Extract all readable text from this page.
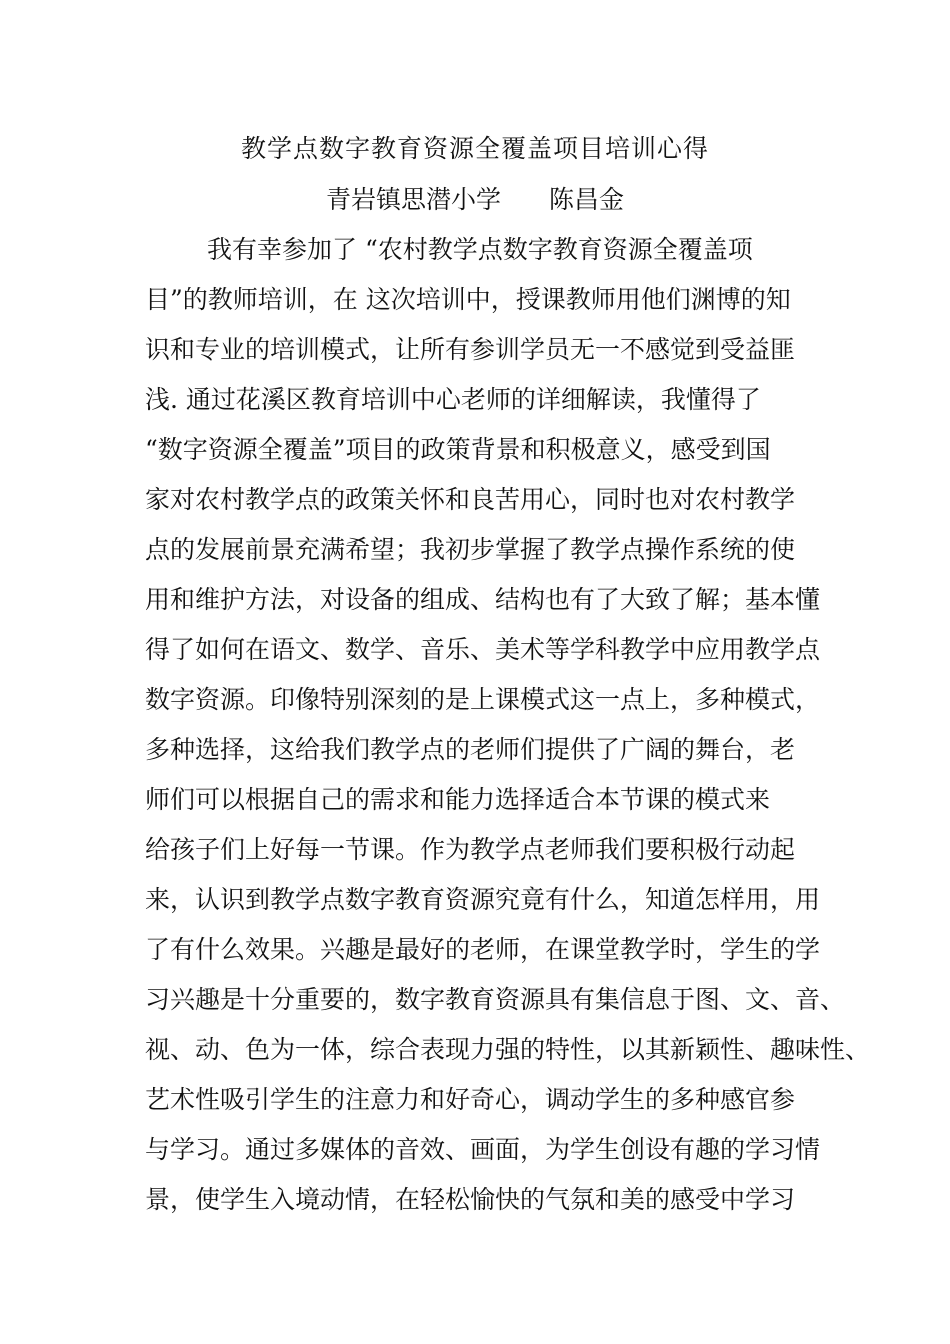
教学点数字教育资源全覆盖项目培训心得
青岩镇思潜小学 陈昌金
我有幸参加了 “农村教学点数字教育资源全覆盖项
目”的教师培训，在 这次培训中，授课教师用他们渊博的知
识和专业的培训模式，让所有参训学员无一不感觉到受益匪
浅. 通过花溪区教育培训中心老师的详细解读，我懂得了
“数字资源全覆盖”项目的政策背景和积极意义，感受到国
家对农村教学点的政策关怀和良苦用心，同时也对农村教学
点的发展前景充满希望；我初步掌握了教学点操作系统的使
用和维护方法，对设备的组成、结构也有了大致了解；基本懂
得了如何在语文、数学、音乐、美术等学科教学中应用教学点
数字资源。印像特别深刻的是上课模式这一点上，多种模式，
多种选择，这给我们教学点的老师们提供了广阔的舞台，老
师们可以根据自己的需求和能力选择适合本节课的模式来
给孩子们上好每一节课。作为教学点老师我们要积极行动起
来，认识到教学点数字教育资源究竟有什么，知道怎样用，用
了有什么效果。兴趣是最好的老师，在课堂教学时，学生的学
习兴趣是十分重要的，数字教育资源具有集信息于图、文、音、
视、动、色为一体，综合表现力强的特性，以其新颖性、趣味性、
艺术性吸引学生的注意力和好奇心，调动学生的多种感官参
与学习。通过多媒体的音效、画面，为学生创设有趣的学习情
景，使学生入境动情，在轻松愉快的气氛和美的感受中学习
